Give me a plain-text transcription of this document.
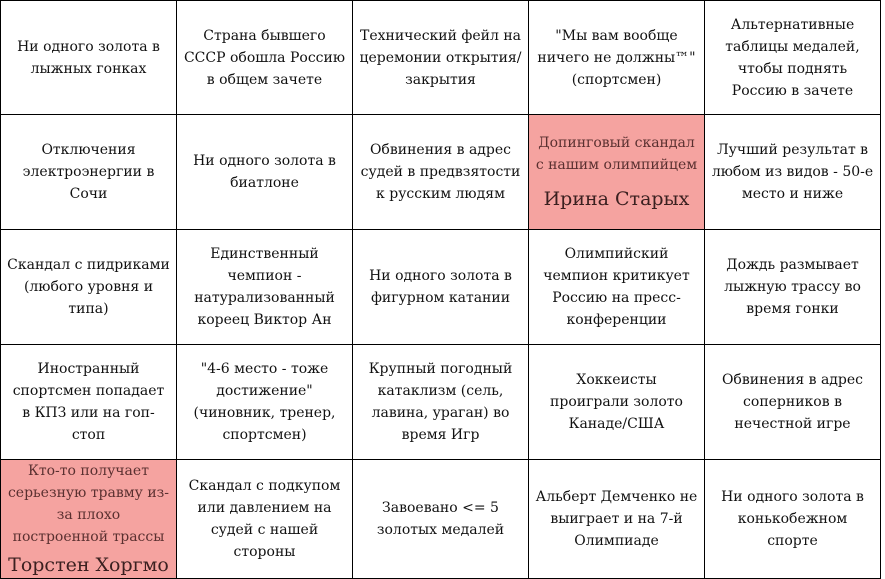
Ни одного золота в лыжных гонках
Страна бывшего СССР обошла Россию в общем зачете
Технический фейл на церемонии открытия/закрытия
"Мы вам вообще ничего не должны™" (спортсмен)
Альтернативные таблицы медалей, чтобы поднять Россию в зачете
Отключения электроэнергии в Сочи
Ни одного золота в биатлоне
Обвинения в адрес судей в предвзятости к русским людям
Допинговый скандал с нашим олимпийцем
Ирина Старых
Лучший результат в любом из видов - 50-е место и ниже
Скандал с пидриками (любого уровня и типа)
Единственный чемпион - натурализованный кореец Виктор Ан
Ни одного золота в фигурном катании
Олимпийский чемпион критикует Россию на пресс-конференции
Дождь размывает лыжную трассу во время гонки
Иностранный спортсмен попадает в КПЗ или на гоп-стоп
"4-6 место - тоже достижение" (чиновник, тренер, спортсмен)
Крупный погодный катаклизм (сель, лавина, ураган) во время Игр
Хоккеисты проиграли золото Канаде/США
Обвинения в адрес соперников в нечестной игре
Кто-то получает серьезную травму из-за плохо построенной трассы
Торстен Хоргмо
Скандал с подкупом или давлением на судей с нашей стороны
Завоевано <= 5 золотых медалей
Альберт Демченко не выиграет и на 7-й Олимпиаде
Ни одного золота в конькобежном спорте
